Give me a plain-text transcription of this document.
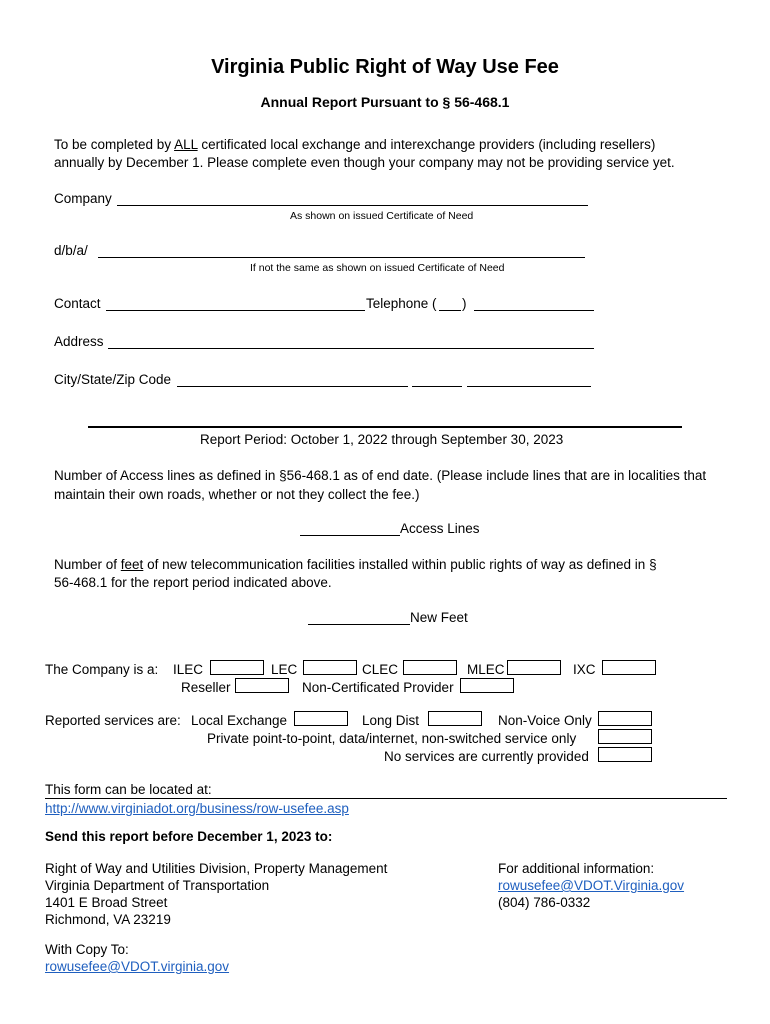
Virginia Public Right of Way Use Fee
Annual Report Pursuant to § 56-468.1
To be completed by ALL certificated local exchange and interexchange providers (including resellers)
annually by December 1. Please complete even though your company may not be providing service yet.
Company
As shown on issued Certificate of Need
d/b/a/
If not the same as shown on issued Certificate of Need
Contact	Telephone ( )
Address
City/State/Zip Code
Report Period: October 1, 2022 through September 30, 2023
Number of Access lines as defined in §56-468.1 as of end date. (Please include lines that are in localities that
maintain their own roads, whether or not they collect the fee.)
Access Lines
Number of feet of new telecommunication facilities installed within public rights of way as defined in §
56-468.1 for the report period indicated above.
New Feet
The Company is a: ILEC	LEC	CLEC	MLEC	IXC
Reseller	Non-Certificated Provider
Reported services are: Local Exchange	Long Dist	Non-Voice Only
Private point-to-point, data/internet, non-switched service only
No services are currently provided
This form can be located at:
http://www.virginiadot.org/business/row-usefee.asp
Send this report before December 1, 2023 to:
Right of Way and Utilities Division, Property Management
Virginia Department of Transportation
1401 E Broad Street
Richmond, VA 23219
For additional information:
rowusefee@VDOT.Virginia.gov
(804) 786-0332
With Copy To:
rowusefee@VDOT.virginia.gov
